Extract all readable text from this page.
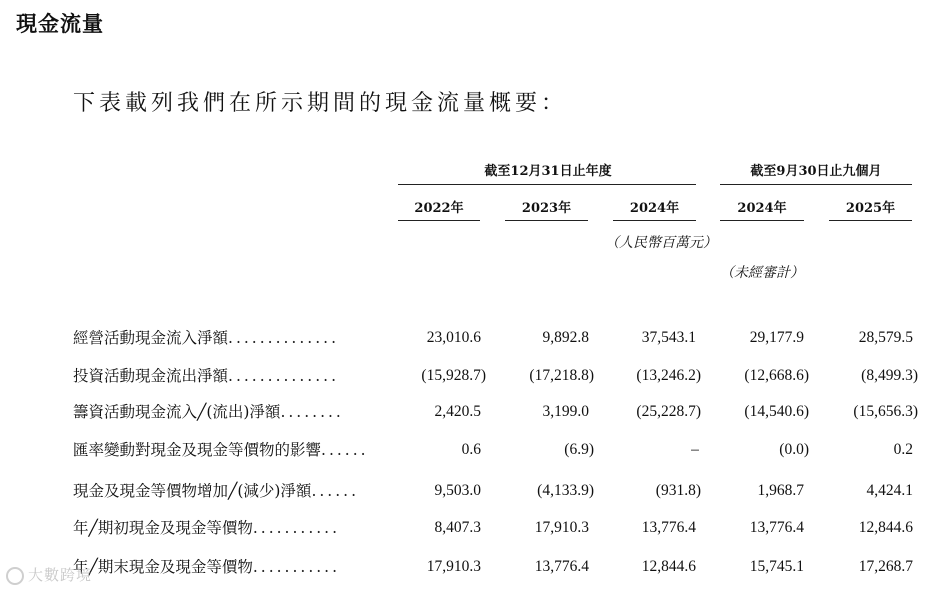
現金流量
下表載列我們在所示期間的現金流量概要：
截至12月31日止年度	截至9月30日止九個月
2022年	2023年	2024年	2024年	2025年
（人民幣百萬元）
（未經審計）
經營活動現金流入淨額..............	23,010.6	9,892.8	37,543.1	29,177.9	28,579.5
投資活動現金流出淨額..............	(15,928.7)	(17,218.8)	(13,246.2)	(12,668.6)	(8,499.3)
籌資活動現金流入╱(流出)淨額........	2,420.5	3,199.0	(25,228.7)	(14,540.6)	(15,656.3)
匯率變動對現金及現金等價物的影響......	0.6	(6.9)	–	(0.0)	0.2
現金及現金等價物增加╱(減少)淨額......	9,503.0	(4,133.9)	(931.8)	1,968.7	4,424.1
年╱期初現金及現金等價物...........	8,407.3	17,910.3	13,776.4	13,776.4	12,844.6
年╱期末現金及現金等價物...........	17,910.3	13,776.4	12,844.6	15,745.1	17,268.7
大數跨境
